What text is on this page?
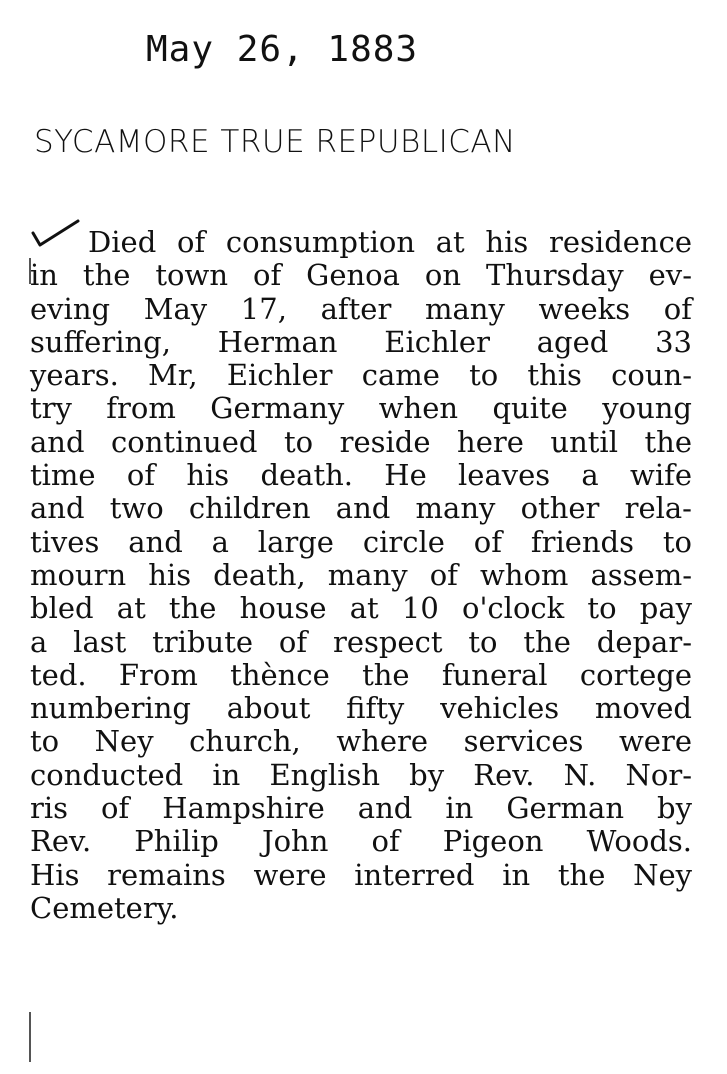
May 26, 1883
SYCAMORE TRUE REPUBLICAN
Died of consumption at his residence
in the town of Genoa on Thursday ev-
eving May 17, after many weeks of
suffering, Herman Eichler aged 33
years. Mr, Eichler came to this coun-
try from Germany when quite young
and continued to reside here until the
time of his death. He leaves a wife
and two children and many other rela-
tives and a large circle of friends to
mourn his death, many of whom assem-
bled at the house at 10 o'clock to pay
a last tribute of respect to the depar-
ted. From thènce the funeral cortege
numbering about fifty vehicles moved
to Ney church, where services were
conducted in English by Rev. N. Nor-
ris of Hampshire and in German by
Rev. Philip John of Pigeon Woods.
His remains were interred in the Ney
Cemetery.
